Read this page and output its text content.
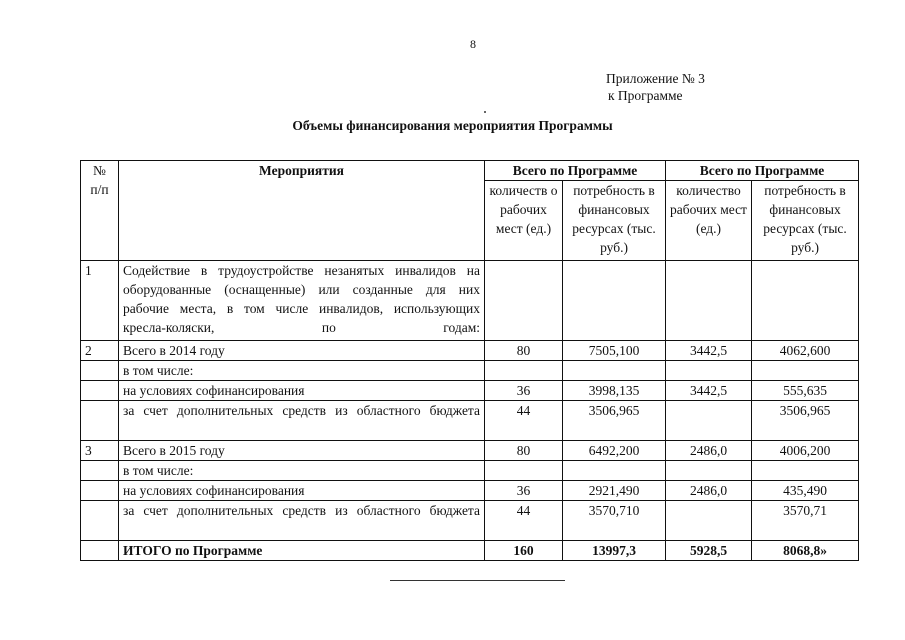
8
Приложение № 3
к Программе
Объемы финансирования мероприятия Программы
№ п/п	Мероприятия	Всего по Программе		Всего по Программе	
		количеств о рабочих мест (ед.)	потребность в финансовых ресурсах (тыс. руб.)	количество рабочих мест (ед.)	потребность в финансовых ресурсах (тыс. руб.)
1	Содействие в трудоустройстве незанятых инвалидов на оборудованные (оснащенные) или созданные для них рабочие места, в том числе инвалидов, использующих кресла-коляски, по годам:				
2	Всего в 2014 году	80	7505,100	3442,5	4062,600
	в том числе:				
	на условиях софинансирования	36	3998,135	3442,5	555,635
	за счет дополнительных средств из областного бюджета	44	3506,965		3506,965
3	Всего в 2015 году	80	6492,200	2486,0	4006,200
	в том числе:				
	на условиях софинансирования	36	2921,490	2486,0	435,490
	за счет дополнительных средств из областного бюджета	44	3570,710		3570,71
	ИТОГО по Программе	160	13997,3	5928,5	8068,8»
